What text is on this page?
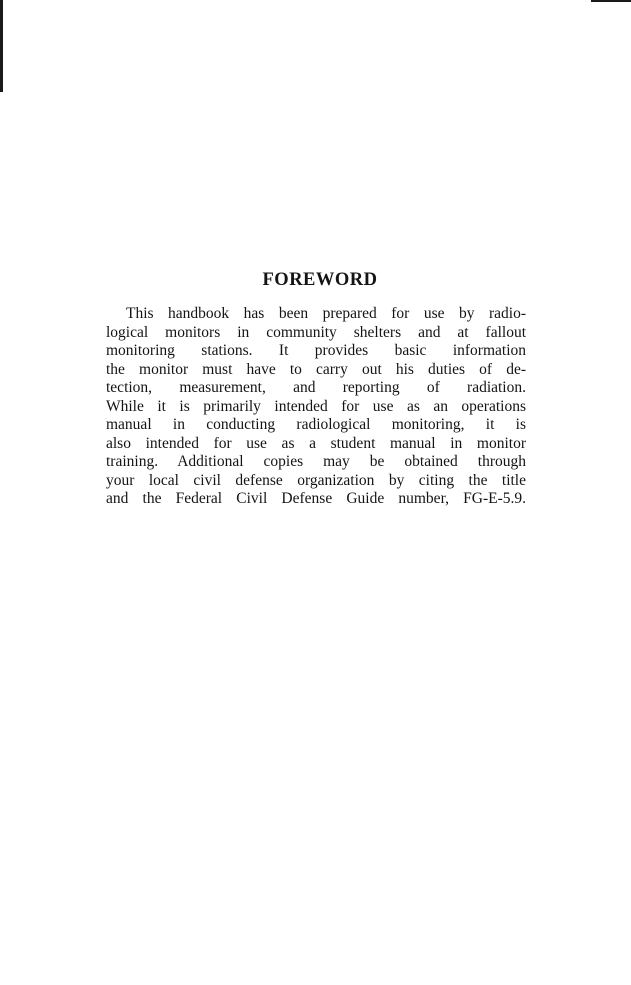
FOREWORD
This handbook has been prepared for use by radio-
logical monitors in community shelters and at fallout
monitoring stations. It provides basic information
the monitor must have to carry out his duties of de-
tection, measurement, and reporting of radiation.
While it is primarily intended for use as an operations
manual in conducting radiological monitoring, it is
also intended for use as a student manual in monitor
training. Additional copies may be obtained through
your local civil defense organization by citing the title
and the Federal Civil Defense Guide number, FG-E-5.9.
